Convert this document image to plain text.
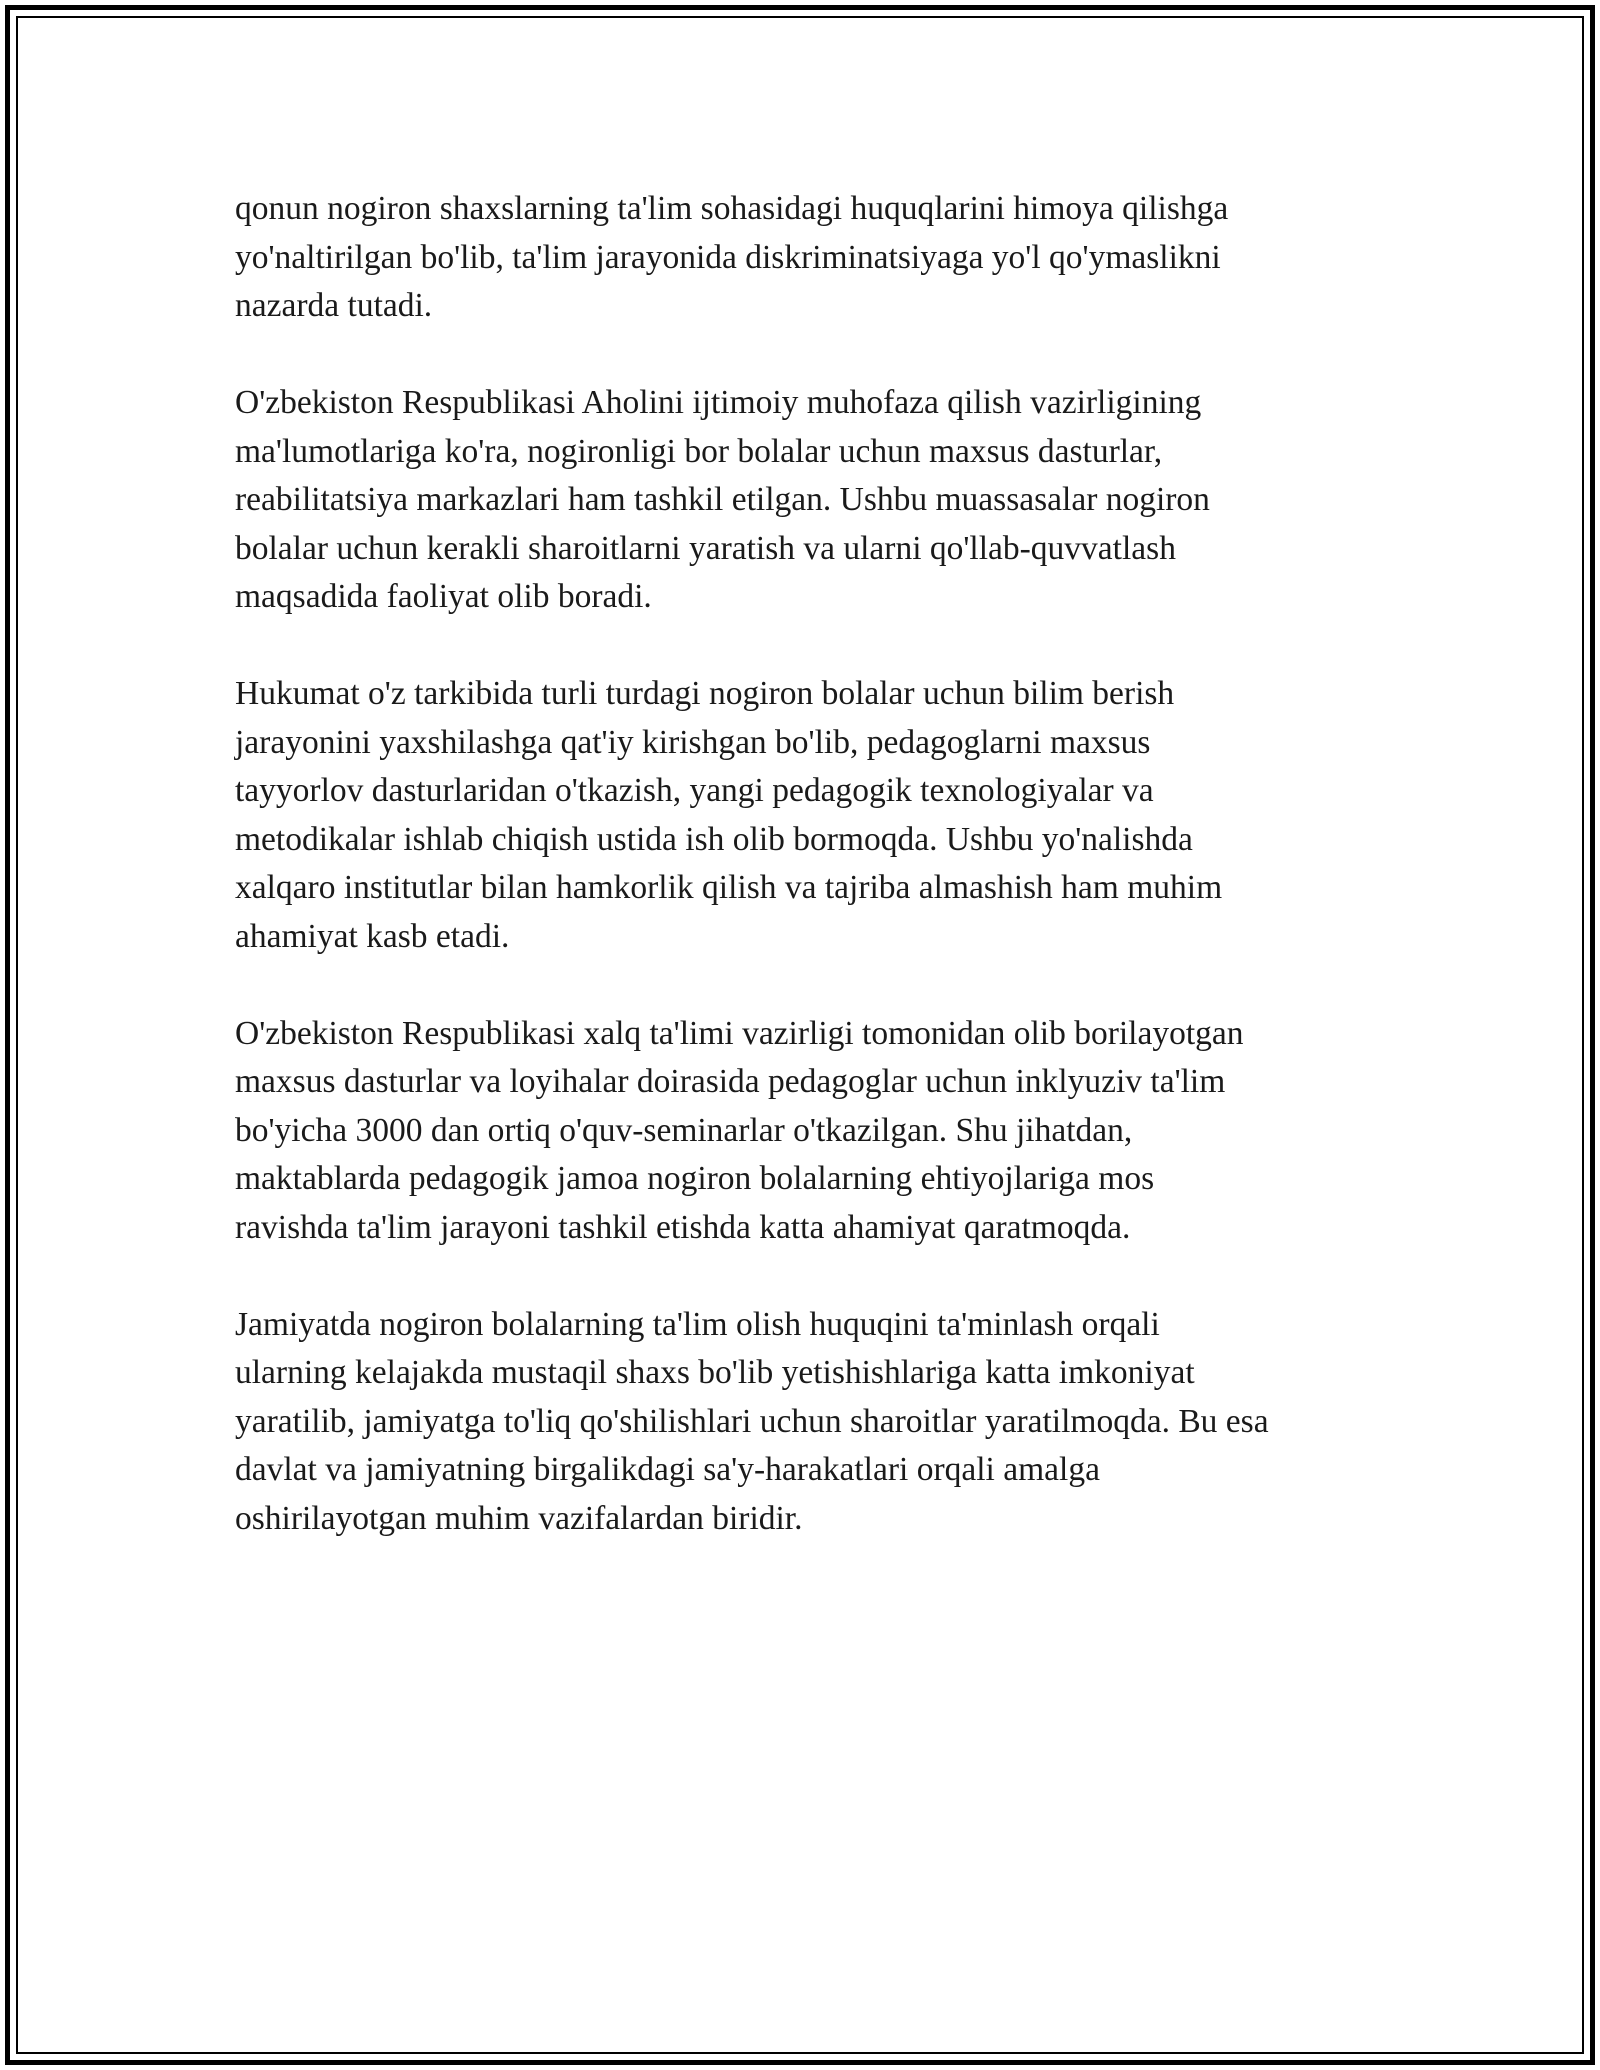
qonun nogiron shaxslarning ta'lim sohasidagi huquqlarini himoya qilishga
yo'naltirilgan bo'lib, ta'lim jarayonida diskriminatsiyaga yo'l qo'ymaslikni
nazarda tutadi.

O'zbekiston Respublikasi Aholini ijtimoiy muhofaza qilish vazirligining
ma'lumotlariga ko'ra, nogironligi bor bolalar uchun maxsus dasturlar,
reabilitatsiya markazlari ham tashkil etilgan. Ushbu muassasalar nogiron
bolalar uchun kerakli sharoitlarni yaratish va ularni qo'llab-quvvatlash
maqsadida faoliyat olib boradi.

Hukumat o'z tarkibida turli turdagi nogiron bolalar uchun bilim berish
jarayonini yaxshilashga qat'iy kirishgan bo'lib, pedagoglarni maxsus
tayyorlov dasturlaridan o'tkazish, yangi pedagogik texnologiyalar va
metodikalar ishlab chiqish ustida ish olib bormoqda. Ushbu yo'nalishda
xalqaro institutlar bilan hamkorlik qilish va tajriba almashish ham muhim
ahamiyat kasb etadi.

O'zbekiston Respublikasi xalq ta'limi vazirligi tomonidan olib borilayotgan
maxsus dasturlar va loyihalar doirasida pedagoglar uchun inklyuziv ta'lim
bo'yicha 3000 dan ortiq o'quv-seminarlar o'tkazilgan. Shu jihatdan,
maktablarda pedagogik jamoa nogiron bolalarning ehtiyojlariga mos
ravishda ta'lim jarayoni tashkil etishda katta ahamiyat qaratmoqda.

Jamiyatda nogiron bolalarning ta'lim olish huquqini ta'minlash orqali
ularning kelajakda mustaqil shaxs bo'lib yetishishlariga katta imkoniyat
yaratilib, jamiyatga to'liq qo'shilishlari uchun sharoitlar yaratilmoqda. Bu esa
davlat va jamiyatning birgalikdagi sa'y-harakatlari orqali amalga
oshirilayotgan muhim vazifalardan biridir.
